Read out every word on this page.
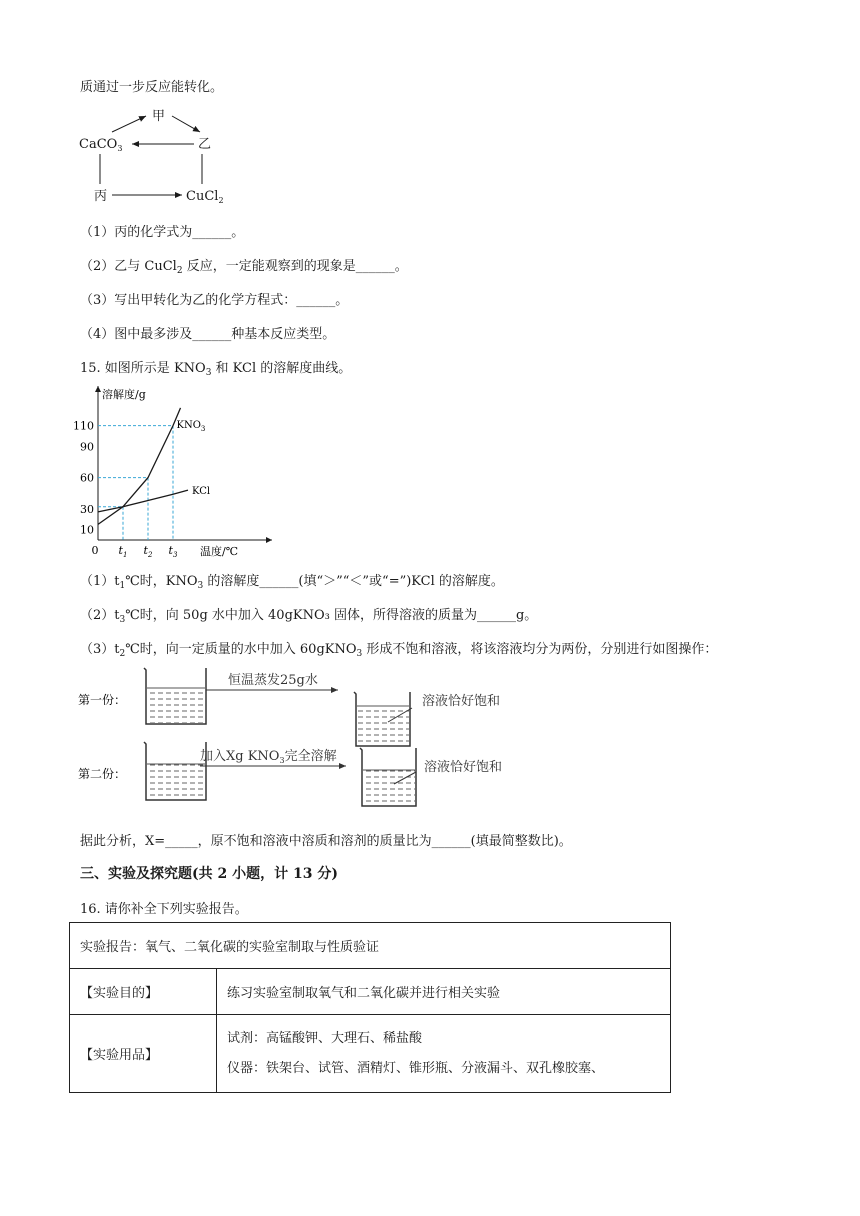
质通过一步反应能转化。
甲
CaCO$_3$	乙
丙	CuCl$_2$
（1）丙的化学式为______。
（2）乙与 CuCl$_2$ 反应，一定能观察到的现象是______。
（3）写出甲转化为乙的化学方程式：______。
（4）图中最多涉及______种基本反应类型。
15. 如图所示是 $KNO_3$ 和 KCl 的溶解度曲线。
溶解度/g
温度/℃
$KNO_3$
KCl
110
90
60
30
10
0 $t_1$ $t_2$ $t_3$
$(1)t_1℃$时，$KNO_3$ 的溶解度______(填“＞”“＜”或“=”)KCl 的溶解度。
$(2)t_3℃$时，向 50g 水中加入 40gKNO₃ 固体，所得溶液的质量为______g。
$(3)t_2℃$时，向一定质量的水中加入 60gKNO$_3$ 形成不饱和溶液，将该溶液均分为两份，分别进行如图操作：
第一份：
恒温蒸发25g水
溶液恰好饱和
第二份：
加入Xg $KNO_3$完全溶解
溶液恰好饱和
据此分析，X=_____，原不饱和溶液中溶质和溶剂的质量比为______(填最简整数比)。
三、实验及探究题(共 2 小题，计 13 分)
16. 请你补全下列实验报告。
实验报告：氧气、二氧化碳的实验室制取与性质验证	
【实验目的】	练习实验室制取氧气和二氧化碳并进行相关实验
【实验用品】	试剂：高锰酸钾、大理石、稀盐酸
仪器：铁架台、试管、酒精灯、锥形瓶、分液漏斗、双孔橡胶塞、
